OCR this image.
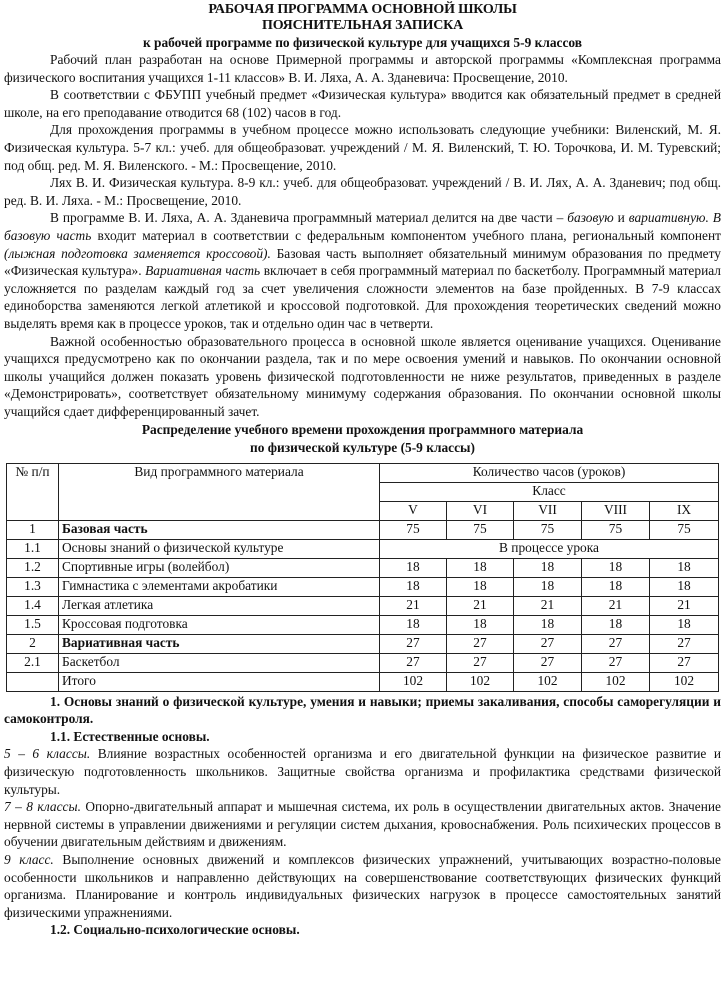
РАБОЧАЯ ПРОГРАММА ОСНОВНОЙ ШКОЛЫ
ПОЯСНИТЕЛЬНАЯ ЗАПИСКА
к рабочей программе по физической культуре для учащихся 5-9 классов

Рабочий план разработан на основе Примерной программы и авторской программы «Комплексная программа физического воспитания учащихся 1-11 классов» В. И. Ляха, А. А. Зданевича: Просвещение, 2010.

В соответствии с ФБУПП учебный предмет «Физическая культура» вводится как обязательный предмет в средней школе, на его преподавание отводится 68 (102) часов в год.

Для прохождения программы в учебном процессе можно использовать следующие учебники: Виленский, М. Я. Физическая культура. 5-7 кл.: учеб. для общеобразоват. учреждений / М. Я. Виленский, Т. Ю. Торочкова, И. М. Туревский; под общ. ред. М. Я. Виленского. - М.: Просвещение, 2010.

Лях В. И. Физическая культура. 8-9 кл.: учеб. для общеобразоват. учреждений / В. И. Лях, А. А. Зданевич; под общ. ред. В. И. Ляха. - М.: Просвещение, 2010.

В программе В. И. Ляха, А. А. Зданевича программный материал делится на две части – базовую и вариативную. В базовую часть входит материал в соответствии с федеральным компонентом учебного плана, региональный компонент (лыжная подготовка заменяется кроссовой). Базовая часть выполняет обязательный минимум образования по предмету «Физическая культура». Вариативная часть включает в себя программный материал по баскетболу. Программный материал усложняется по разделам каждый год за счет увеличения сложности элементов на базе пройденных. В 7-9 классах единоборства заменяются легкой атлетикой и кроссовой подготовкой. Для прохождения теоретических сведений можно выделять время как в процессе уроков, так и отдельно один час в четверти.

Важной особенностью образовательного процесса в основной школе является оценивание учащихся. Оценивание учащихся предусмотрено как по окончании раздела, так и по мере освоения умений и навыков. По окончании основной школы учащийся должен показать уровень физической подготовленности не ниже результатов, приведенных в разделе «Демонстрировать», соответствует обязательному минимуму содержания образования. По окончании основной школы учащийся сдает дифференцированный зачет.

Распределение учебного времени прохождения программного материала
по физической культуре (5-9 классы)
№ п/п	Вид программного материала	Количество часов (уроков)				
		Класс				
		V	VI	VII	VIII	IX
1	Базовая часть	75	75	75	75	75
1.1	Основы знаний о физической культуре	В процессе урока				
1.2	Спортивные игры (волейбол)	18	18	18	18	18
1.3	Гимнастика с элементами акробатики	18	18	18	18	18
1.4	Легкая атлетика	21	21	21	21	21
1.5	Кроссовая подготовка	18	18	18	18	18
2	Вариативная часть	27	27	27	27	27
2.1	Баскетбол	27	27	27	27	27
	Итого	102	102	102	102	102

1. Основы знаний о физической культуре, умения и навыки; приемы закаливания, способы саморегуляции и самоконтроля.

1.1. Естественные основы.

5 – 6 классы. Влияние возрастных особенностей организма и его двигательной функции на физическое развитие и физическую подготовленность школьников. Защитные свойства организма и профилактика средствами физической культуры.

7 – 8 классы. Опорно-двигательный аппарат и мышечная система, их роль в осуществлении двигательных актов. Значение нервной системы в управлении движениями и регуляции систем дыхания, кровоснабжения. Роль психических процессов в обучении двигательным действиям и движениям.

9 класс. Выполнение основных движений и комплексов физических упражнений, учитывающих возрастно-половые особенности школьников и направленно действующих на совершенствование соответствующих физических функций организма. Планирование и контроль индивидуальных физических нагрузок в процессе самостоятельных занятий физическими упражнениями.

1.2. Социально-психологические основы.
